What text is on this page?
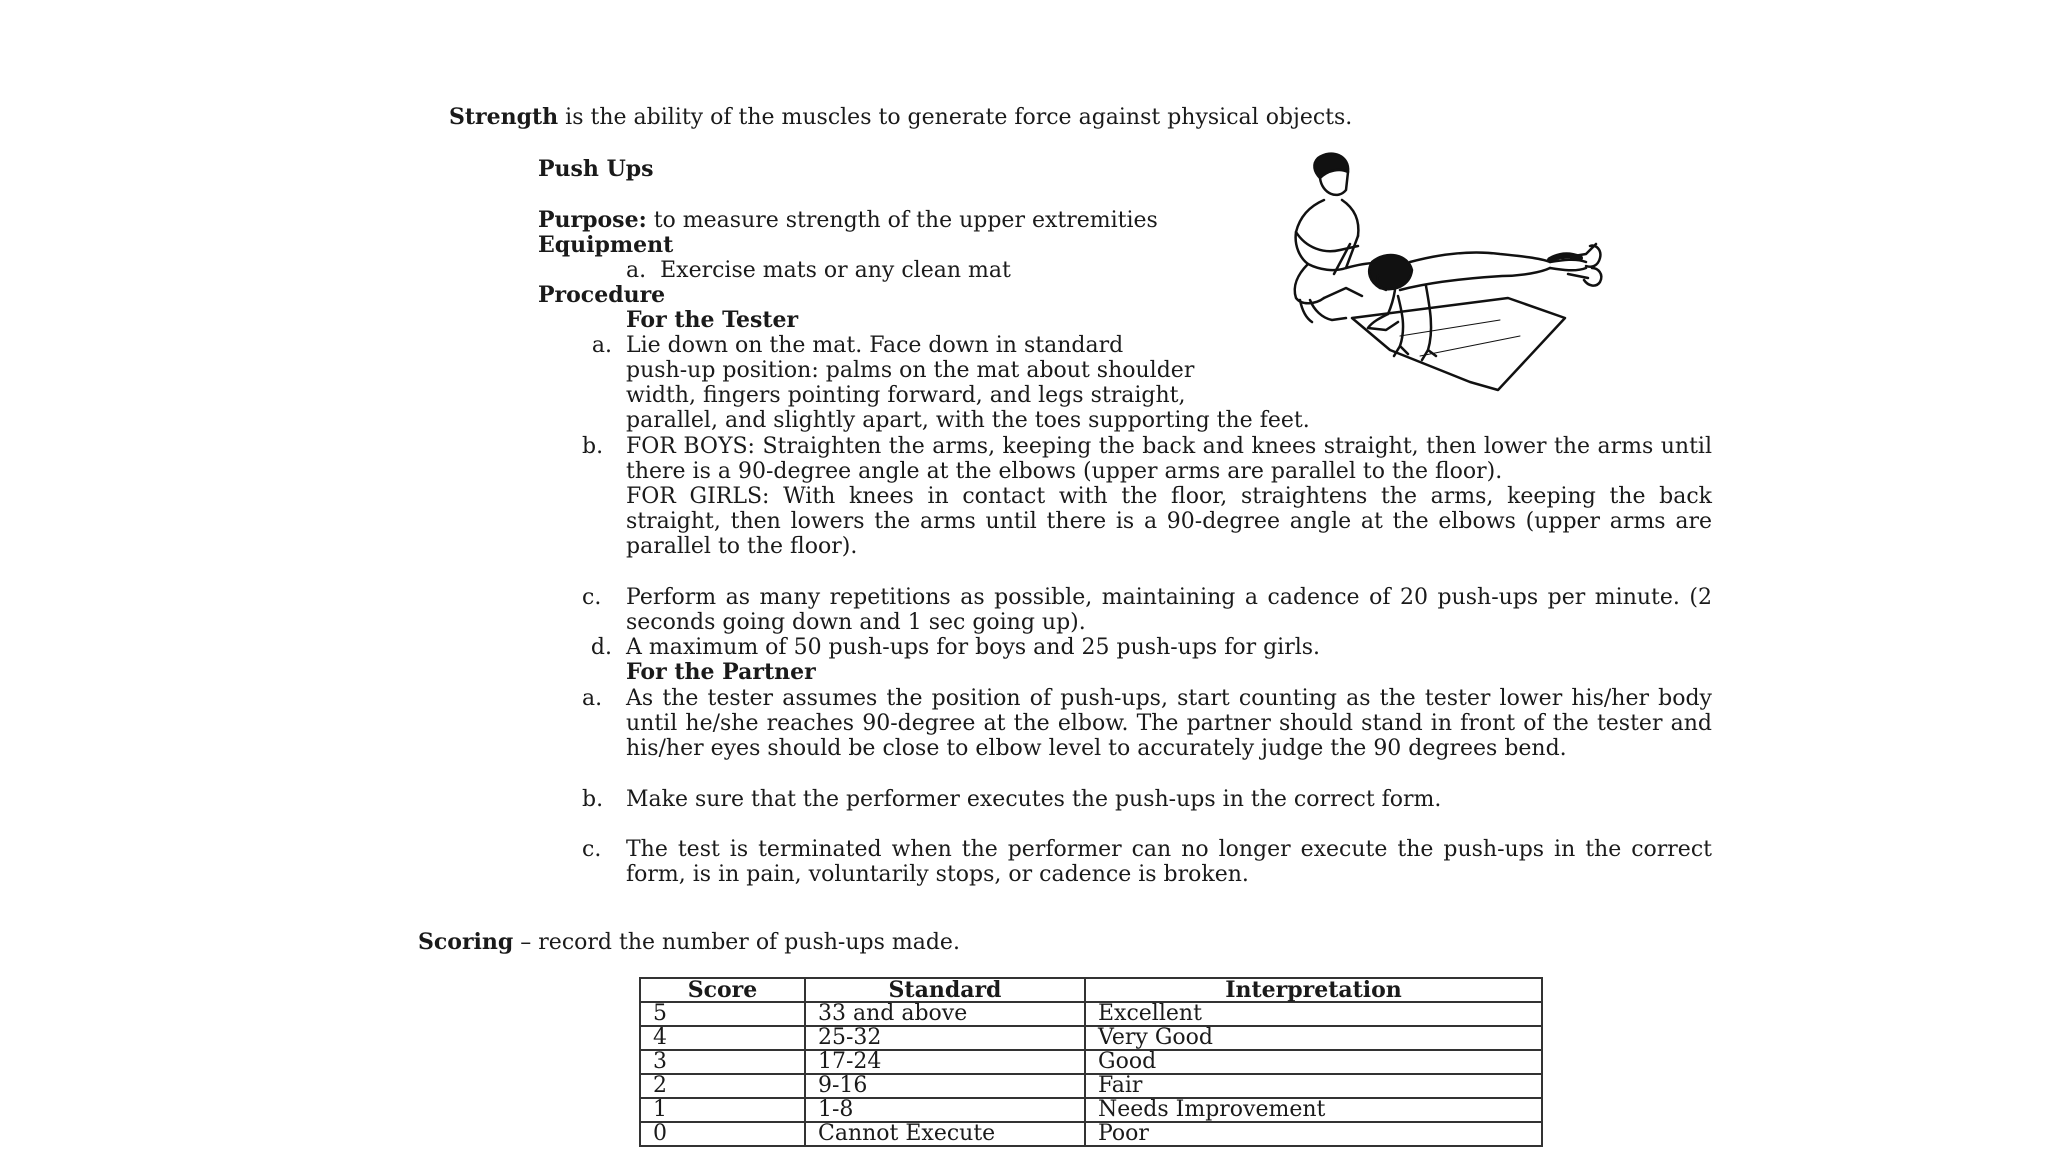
Strength is the ability of the muscles to generate force against physical objects.
Push Ups
Purpose: to measure strength of the upper extremities
Equipment
a. Exercise mats or any clean mat
Procedure
For the Tester
a. Lie down on the mat. Face down in standard
push-up position: palms on the mat about shoulder
width, fingers pointing forward, and legs straight,
parallel, and slightly apart, with the toes supporting the feet.
b.	FOR BOYS: Straighten the arms, keeping the back and knees straight, then lower the arms until there is a 90-degree angle at the elbows (upper arms are parallel to the floor).
FOR GIRLS: With knees in contact with the floor, straightens the arms, keeping the back straight, then lowers the arms until there is a 90-degree angle at the elbows (upper arms are parallel to the floor).
c.	Perform as many repetitions as possible, maintaining a cadence of 20 push-ups per minute. (2 seconds going down and 1 sec going up).
d. A maximum of 50 push-ups for boys and 25 push-ups for girls.
For the Partner
a.	As the tester assumes the position of push-ups, start counting as the tester lower his/her body until he/she reaches 90-degree at the elbow. The partner should stand in front of the tester and his/her eyes should be close to elbow level to accurately judge the 90 degrees bend.
b.	Make sure that the performer executes the push-ups in the correct form.
c.	The test is terminated when the performer can no longer execute the push-ups in the correct form, is in pain, voluntarily stops, or cadence is broken.
Scoring – record the number of push-ups made.
Score	Standard	Interpretation
5	33 and above	Excellent
4	25-32	Very Good
3	17-24	Good
2	9-16	Fair
1	1-8	Needs Improvement
0	Cannot Execute	Poor
